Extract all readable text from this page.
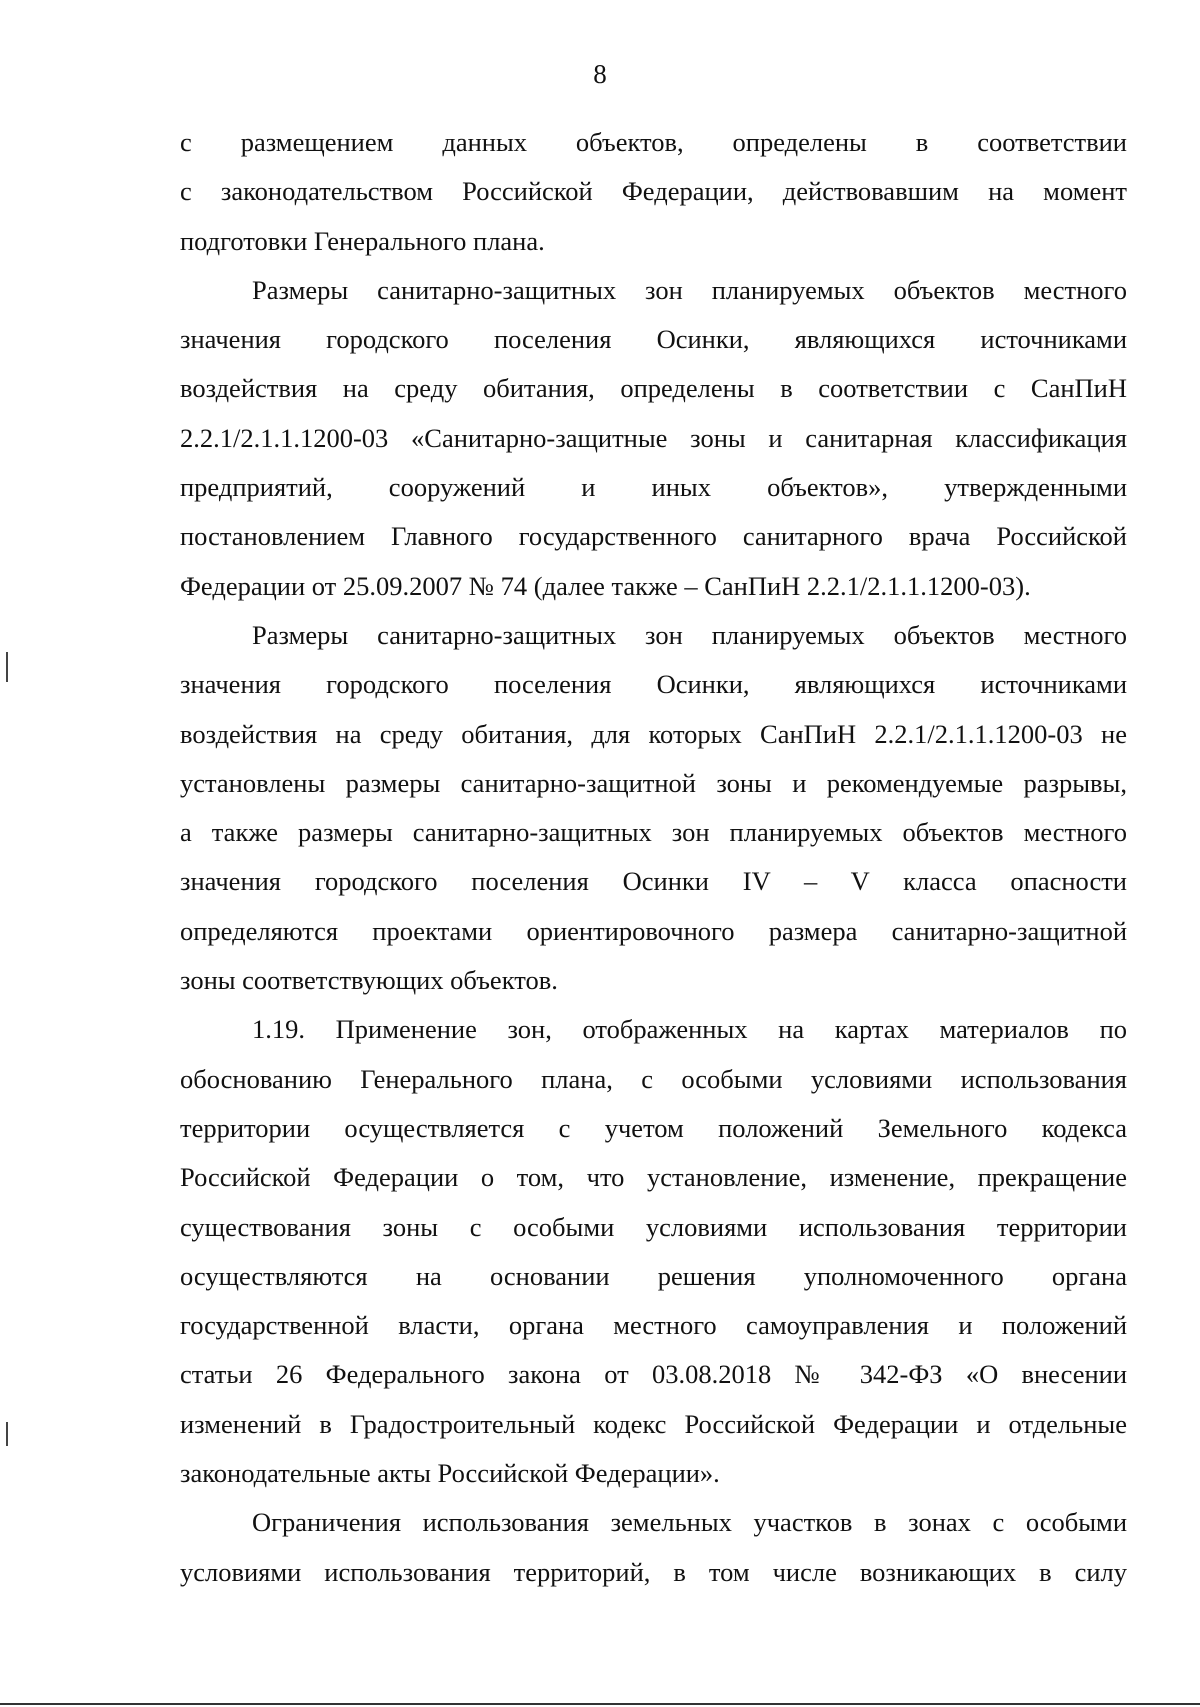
8
с размещением данных объектов, определены в соответствии
с законодательством Российской Федерации, действовавшим на момент
подготовки Генерального плана.
Размеры санитарно-защитных зон планируемых объектов местного
значения городского поселения Осинки, являющихся источниками
воздействия на среду обитания, определены в соответствии с СанПиН
2.2.1/2.1.1.1200-03 «Санитарно-защитные зоны и санитарная классификация
предприятий, сооружений и иных объектов», утвержденными
постановлением Главного государственного санитарного врача Российской
Федерации от 25.09.2007 № 74 (далее также – СанПиН 2.2.1/2.1.1.1200-03).
Размеры санитарно-защитных зон планируемых объектов местного
значения городского поселения Осинки, являющихся источниками
воздействия на среду обитания, для которых СанПиН 2.2.1/2.1.1.1200-03 не
установлены размеры санитарно-защитной зоны и рекомендуемые разрывы,
а также размеры санитарно-защитных зон планируемых объектов местного
значения городского поселения Осинки IV – V класса опасности
определяются проектами ориентировочного размера санитарно-защитной
зоны соответствующих объектов.
1.19. Применение зон, отображенных на картах материалов по
обоснованию Генерального плана, с особыми условиями использования
территории осуществляется с учетом положений Земельного кодекса
Российской Федерации о том, что установление, изменение, прекращение
существования зоны с особыми условиями использования территории
осуществляются на основании решения уполномоченного органа
государственной власти, органа местного самоуправления и положений
статьи 26 Федерального закона от 03.08.2018 № 342-ФЗ «О внесении
изменений в Градостроительный кодекс Российской Федерации и отдельные
законодательные акты Российской Федерации».
Ограничения использования земельных участков в зонах с особыми
условиями использования территорий, в том числе возникающих в силу
